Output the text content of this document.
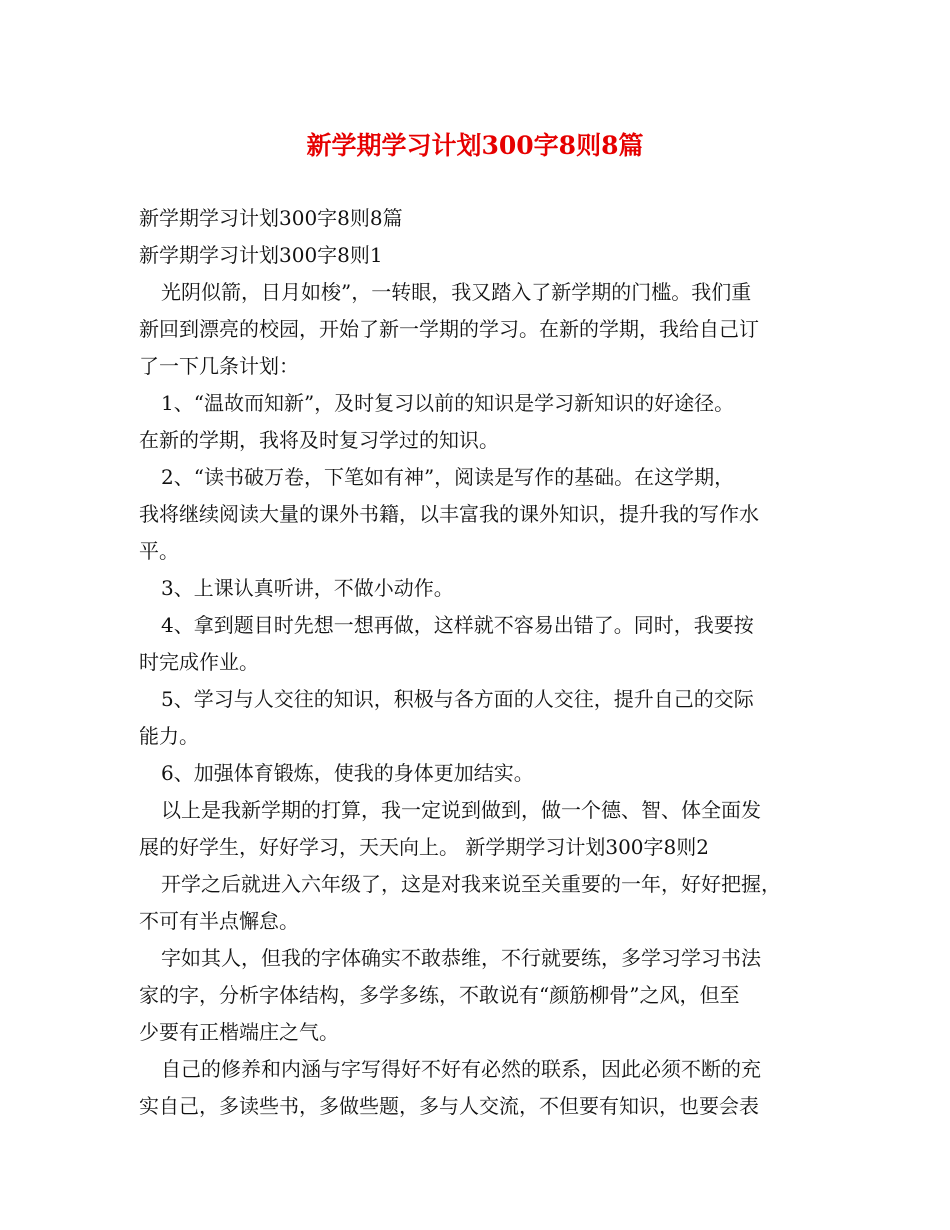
新学期学习计划300字8则8篇
新学期学习计划300字8则8篇
新学期学习计划300字8则1
光阴似箭，日月如梭”，一转眼，我又踏入了新学期的门槛。我们重
新回到漂亮的校园，开始了新一学期的学习。在新的学期，我给自己订
了一下几条计划：
1、“温故而知新”，及时复习以前的知识是学习新知识的好途径。
在新的学期，我将及时复习学过的知识。
2、“读书破万卷，下笔如有神”，阅读是写作的基础。在这学期，
我将继续阅读大量的课外书籍，以丰富我的课外知识，提升我的写作水
平。
3、上课认真听讲，不做小动作。
4、拿到题目时先想一想再做，这样就不容易出错了。同时，我要按
时完成作业。
5、学习与人交往的知识，积极与各方面的人交往，提升自己的交际
能力。
6、加强体育锻炼，使我的身体更加结实。
以上是我新学期的打算，我一定说到做到，做一个德、智、体全面发
展的好学生，好好学习，天天向上。 新学期学习计划300字8则2
开学之后就进入六年级了，这是对我来说至关重要的一年，好好把握，
不可有半点懈怠。
字如其人，但我的字体确实不敢恭维，不行就要练，多学习学习书法
家的字，分析字体结构，多学多练，不敢说有“颜筋柳骨”之风，但至
少要有正楷端庄之气。
自己的修养和内涵与字写得好不好有必然的联系，因此必须不断的充
实自己，多读些书，多做些题，多与人交流，不但要有知识，也要会表
